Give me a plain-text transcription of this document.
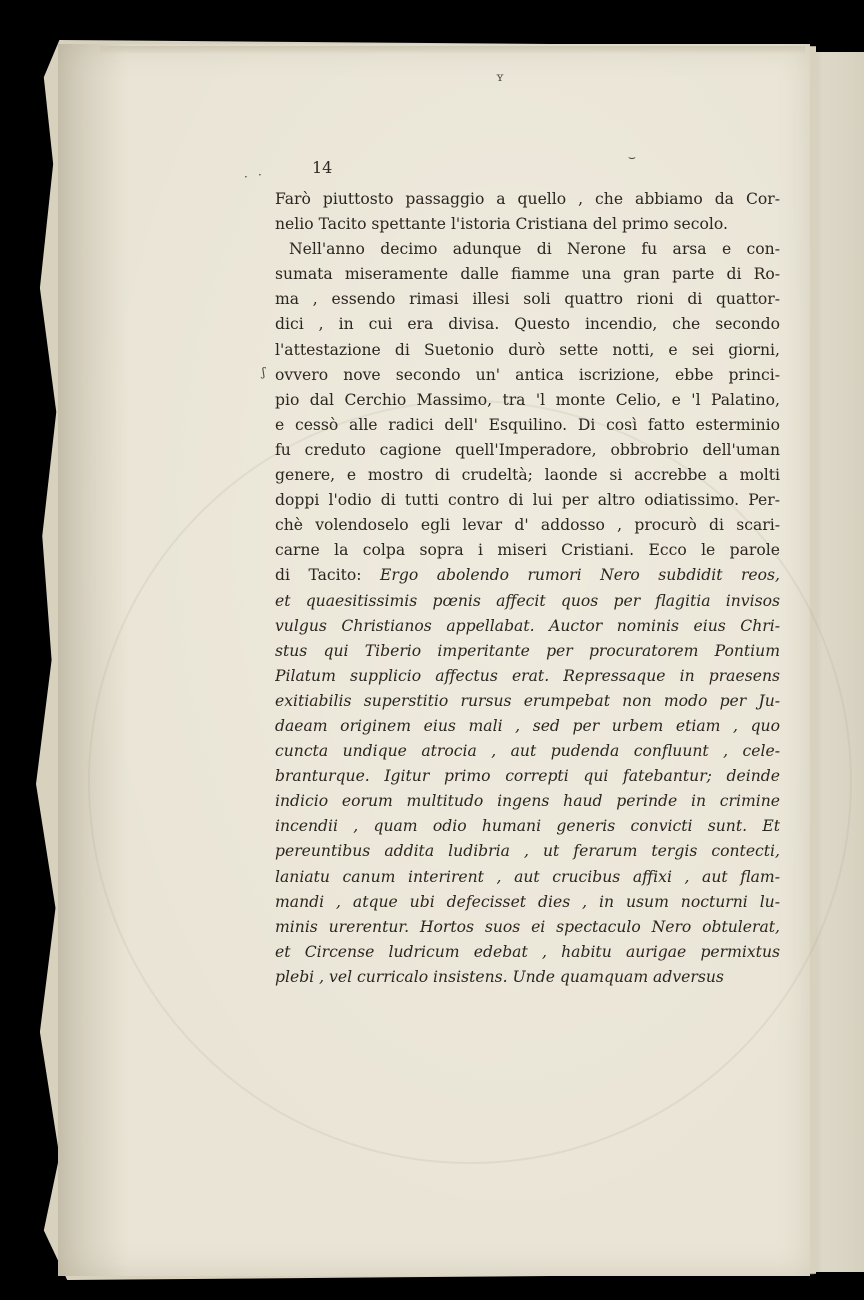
ʏ
· ·
⌣
ʃ
14
Farò piuttosto passaggio a quello , che abbiamo da Cor-
nelio Tacito spettante l'istoria Cristiana del primo secolo.
Nell'anno decimo adunque di Nerone fu arsa e con-
sumata miseramente dalle fiamme una gran parte di Ro-
ma , essendo rimasi illesi soli quattro rioni di quattor-
dici , in cui era divisa. Questo incendio, che secondo
l'attestazione di Suetonio durò sette notti, e sei giorni,
ovvero nove secondo un' antica iscrizione, ebbe princi-
pio dal Cerchio Massimo, tra 'l monte Celio, e 'l Palatino,
e cessò alle radici dell' Esquilino. Di così fatto esterminio
fu creduto cagione quell'Imperadore, obbrobrio dell'uman
genere, e mostro di crudeltà; laonde si accrebbe a molti
doppi l'odio di tutti contro di lui per altro odiatissimo. Per-
chè volendoselo egli levar d' addosso , procurò di scari-
carne la colpa sopra i miseri Cristiani. Ecco le parole
di Tacito: Ergo abolendo rumori Nero subdidit reos,
et quaesitissimis pœnis affecit quos per flagitia invisos
vulgus Christianos appellabat. Auctor nominis eius Chri-
stus qui Tiberio imperitante per procuratorem Pontium
Pilatum supplicio affectus erat. Repressaque in praesens
exitiabilis superstitio rursus erumpebat non modo per Ju-
daeam originem eius mali , sed per urbem etiam , quo
cuncta undique atrocia , aut pudenda confluunt , cele-
branturque. Igitur primo correpti qui fatebantur; deinde
indicio eorum multitudo ingens haud perinde in crimine
incendii , quam odio humani generis convicti sunt. Et
pereuntibus addita ludibria , ut ferarum tergis contecti,
laniatu canum interirent , aut crucibus affixi , aut flam-
mandi , atque ubi defecisset dies , in usum nocturni lu-
minis urerentur. Hortos suos ei spectaculo Nero obtulerat,
et Circense ludricum edebat , habitu aurigae permixtus
plebi , vel curricalo insistens. Unde quamquam adversus
